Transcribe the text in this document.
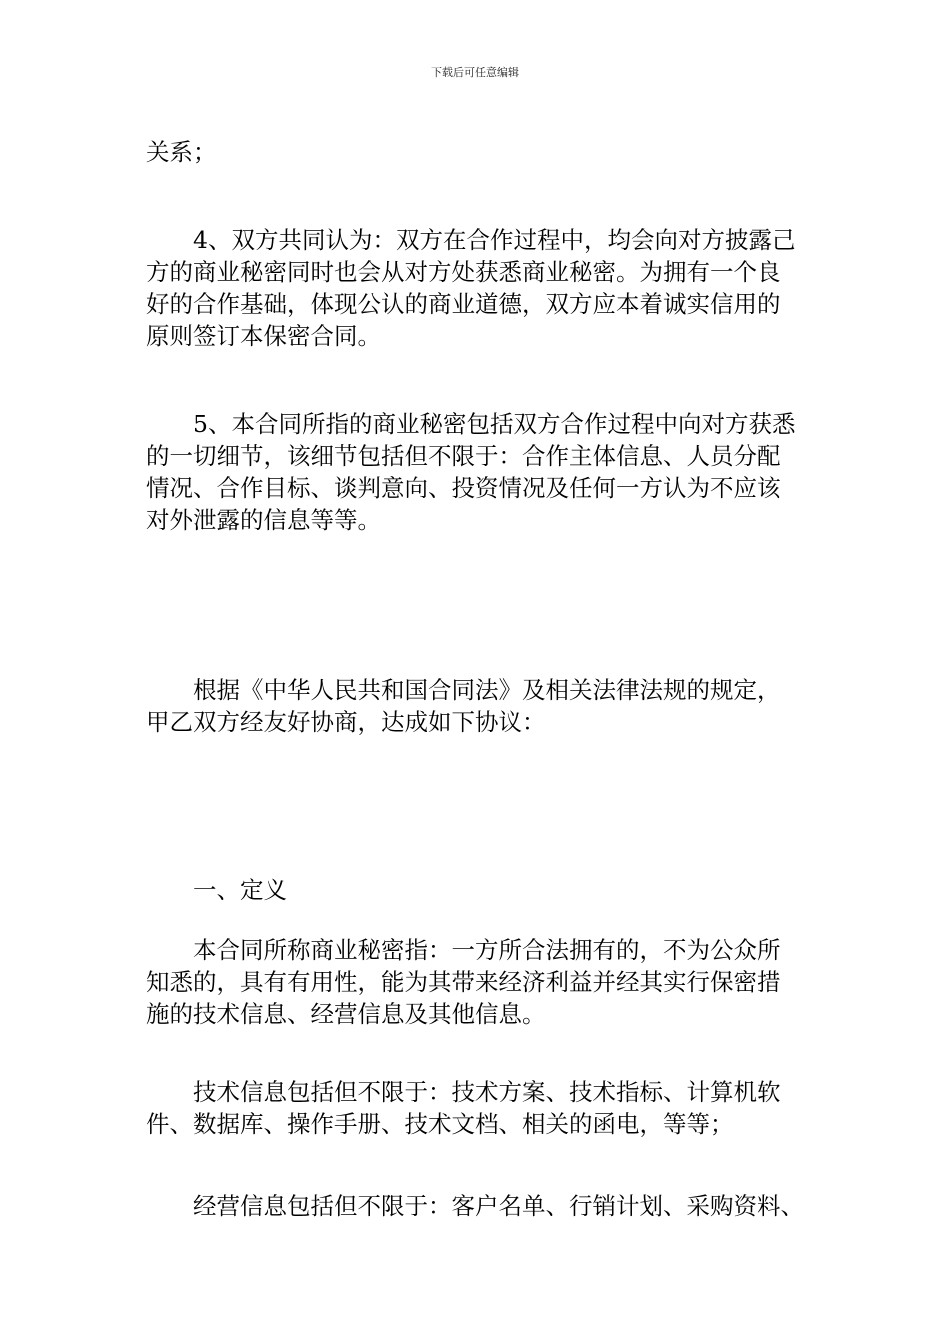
下载后可任意编辑
关系；
4、双方共同认为：双方在合作过程中，均会向对方披露己
方的商业秘密同时也会从对方处获悉商业秘密。为拥有一个良
好的合作基础，体现公认的商业道德，双方应本着诚实信用的
原则签订本保密合同。
5、本合同所指的商业秘密包括双方合作过程中向对方获悉
的一切细节，该细节包括但不限于：合作主体信息、人员分配
情况、合作目标、谈判意向、投资情况及任何一方认为不应该
对外泄露的信息等等。
根据《中华人民共和国合同法》及相关法律法规的规定，
甲乙双方经友好协商，达成如下协议：
一、定义
本合同所称商业秘密指：一方所合法拥有的，不为公众所
知悉的，具有有用性，能为其带来经济利益并经其实行保密措
施的技术信息、经营信息及其他信息。
技术信息包括但不限于：技术方案、技术指标、计算机软
件、数据库、操作手册、技术文档、相关的函电，等等；
经营信息包括但不限于：客户名单、行销计划、采购资料、
